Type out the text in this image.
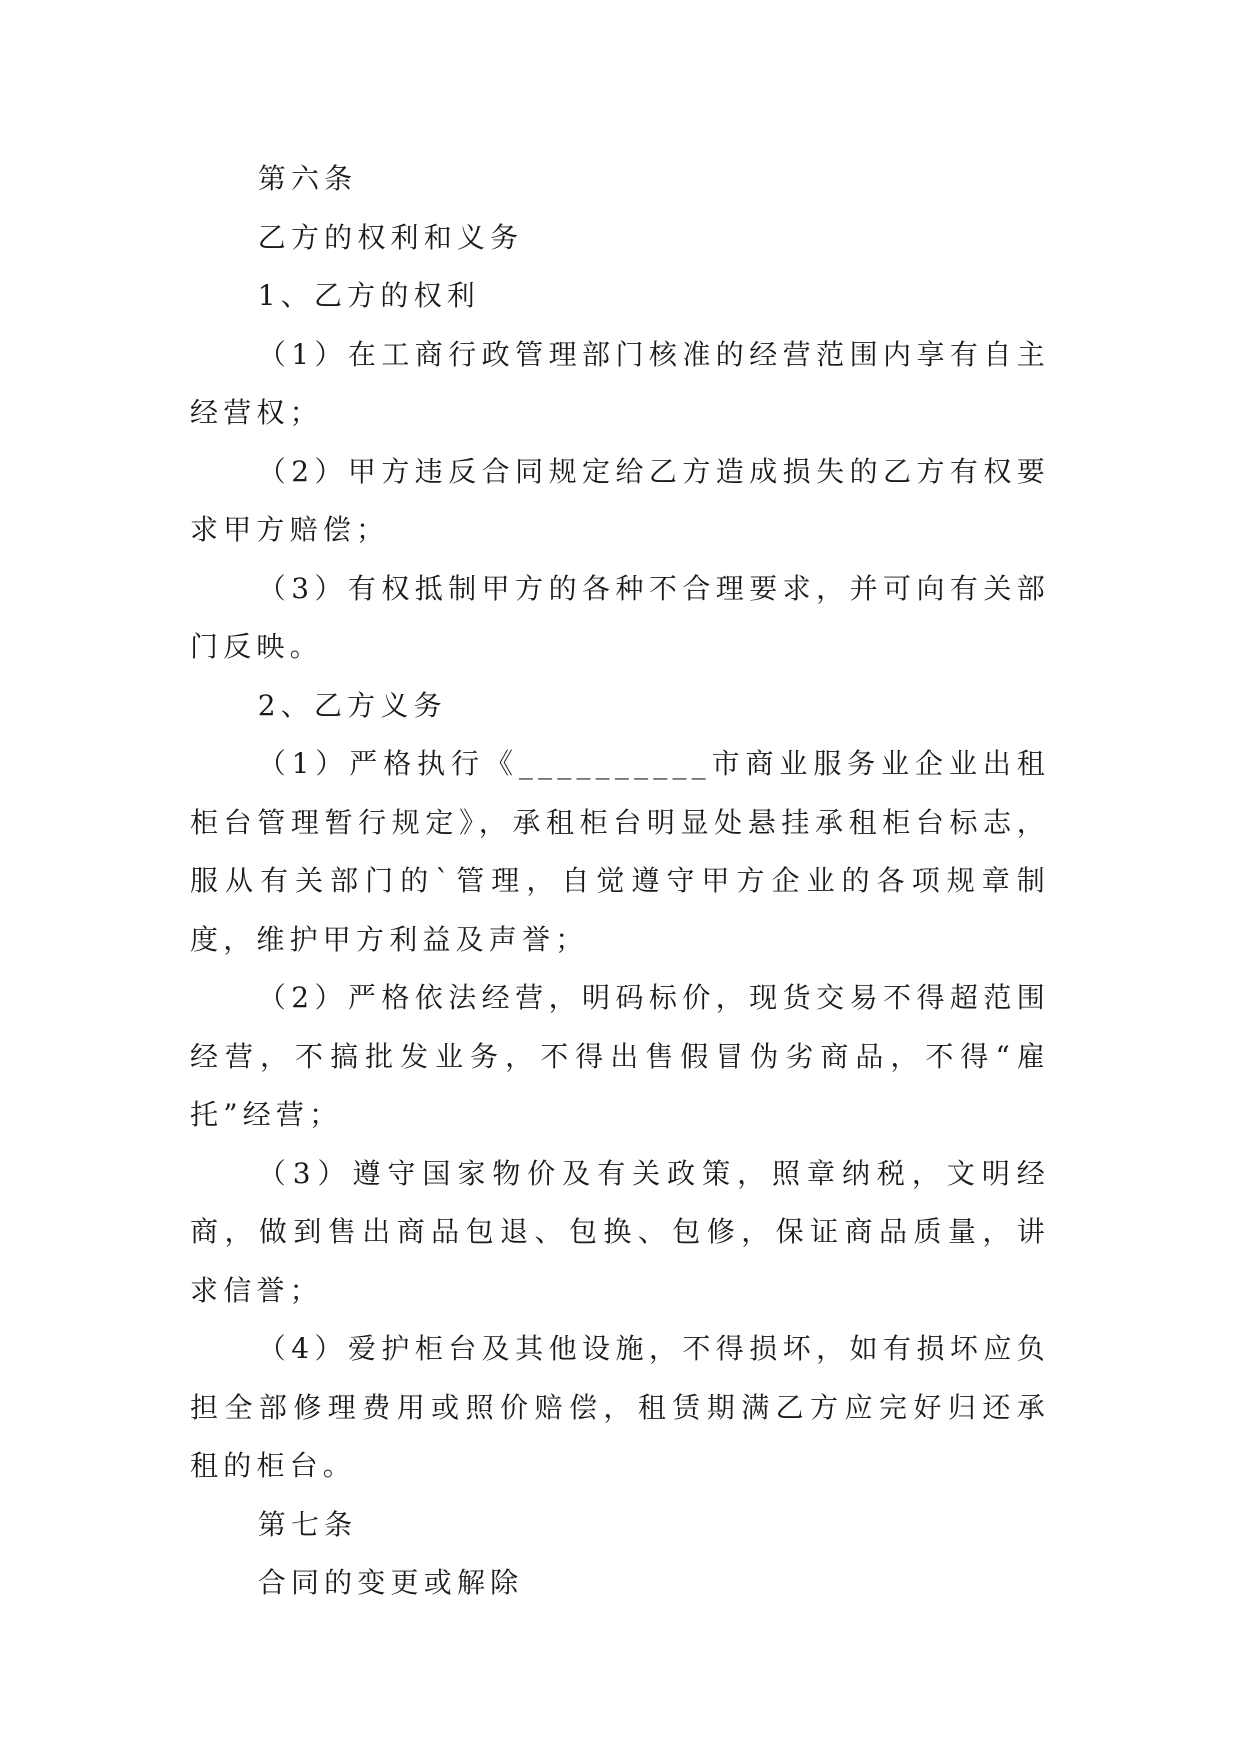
第六条

乙方的权利和义务

1、乙方的权利

（1）在工商行政管理部门核准的经营范围内享有自主经营权；

（2）甲方违反合同规定给乙方造成损失的乙方有权要求甲方赔偿；

（3）有权抵制甲方的各种不合理要求，并可向有关部门反映。

2、乙方义务

（1）严格执行《__________市商业服务业企业出租柜台管理暂行规定》，承租柜台明显处悬挂承租柜台标志，服从有关部门的`管理，自觉遵守甲方企业的各项规章制度，维护甲方利益及声誉；

（2）严格依法经营，明码标价，现货交易不得超范围经营，不搞批发业务，不得出售假冒伪劣商品，不得“雇托”经营；

（3）遵守国家物价及有关政策，照章纳税，文明经商，做到售出商品包退、包换、包修，保证商品质量，讲求信誉；

（4）爱护柜台及其他设施，不得损坏，如有损坏应负担全部修理费用或照价赔偿，租赁期满乙方应完好归还承租的柜台。

第七条

合同的变更或解除
